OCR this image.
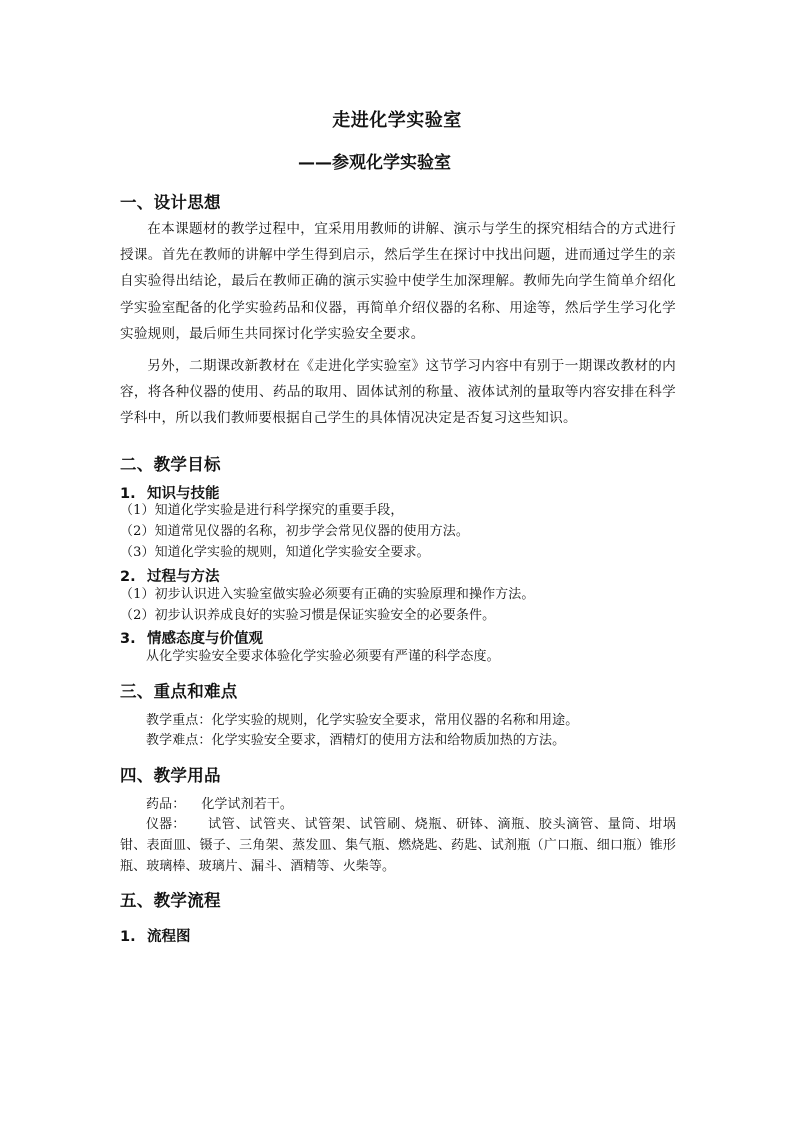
走进化学实验室
——参观化学实验室
一、设计思想
在本课题材的教学过程中，宜采用用教师的讲解、演示与学生的探究相结合的方式进行授课。首先在教师的讲解中学生得到启示，然后学生在探讨中找出问题，进而通过学生的亲自实验得出结论，最后在教师正确的演示实验中使学生加深理解。教师先向学生简单介绍化学实验室配备的化学实验药品和仪器，再简单介绍仪器的名称、用途等，然后学生学习化学实验规则，最后师生共同探讨化学实验安全要求。
另外，二期课改新教材在《走进化学实验室》这节学习内容中有别于一期课改教材的内容，将各种仪器的使用、药品的取用、固体试剂的称量、液体试剂的量取等内容安排在科学学科中，所以我们教师要根据自己学生的具体情况决定是否复习这些知识。
二、教学目标
1. 知识与技能
（1）知道化学实验是进行科学探究的重要手段，
（2）知道常见仪器的名称，初步学会常见仪器的使用方法。
（3）知道化学实验的规则，知道化学实验安全要求。
2. 过程与方法
（1）初步认识进入实验室做实验必须要有正确的实验原理和操作方法。
（2）初步认识养成良好的实验习惯是保证实验安全的必要条件。
3. 情感态度与价值观
从化学实验安全要求体验化学实验必须要有严谨的科学态度。
三、重点和难点
教学重点：化学实验的规则，化学实验安全要求，常用仪器的名称和用途。
教学难点：化学实验安全要求，酒精灯的使用方法和给物质加热的方法。
四、教学用品
药品： 化学试剂若干。
仪器： 试管、试管夹、试管架、试管刷、烧瓶、研钵、滴瓶、胶头滴管、量筒、坩埚钳、表面皿、镊子、三角架、蒸发皿、集气瓶、燃烧匙、药匙、试剂瓶（广口瓶、细口瓶）锥形瓶、玻璃棒、玻璃片、漏斗、酒精等、火柴等。
五、教学流程
1. 流程图
